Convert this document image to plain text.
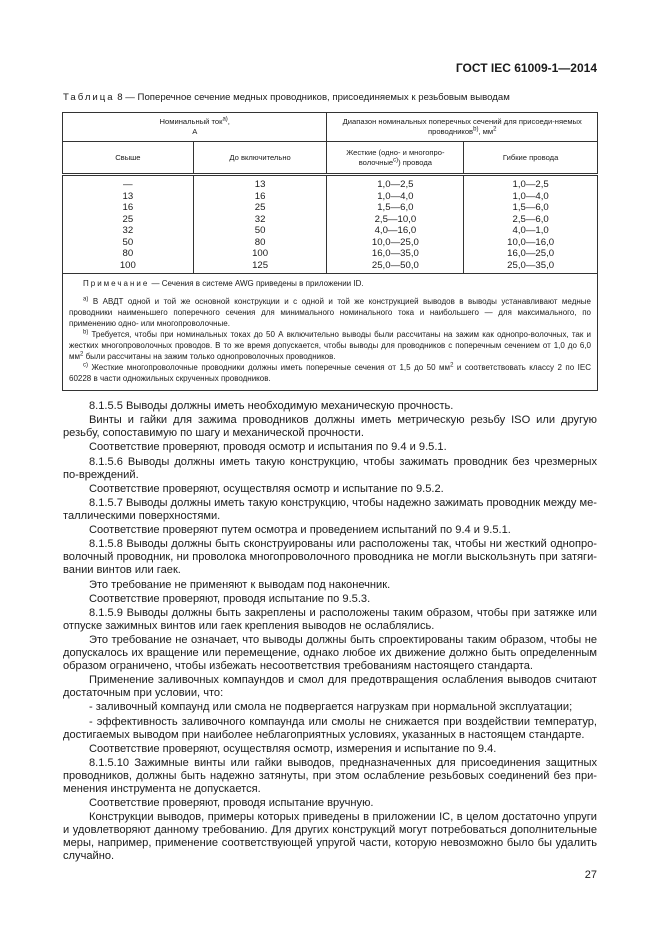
ГОСТ IEC 61009-1—2014
Таблица 8 — Поперечное сечение медных проводников, присоединяемых к резьбовым выводам
Номинальный ток$^{a)}$,
А		Диапазон номинальных поперечных сечений для присоеди-няемых проводников$^{b)}$, $мм^2$
Свыше	До включительно	Жесткие (одно- и многопро-волочные$^{c)}$) провода	Гибкие провода
—	13	1,0—2,5	1,0—2,5
13	16	1,0—4,0	1,0—4,0
16	25	1,5—6,0	1,5—6,0
25	32	2,5—10,0	2,5—6,0
32	50	4,0—16,0	4,0—1,0
50	80	10,0—25,0	10,0—16,0
80	100	16,0—35,0	16,0—25,0
100	125	25,0—50,0	25,0—35,0

Примечание — Сечения в системе AWG приведены в приложении ID.

$^{a)}$ В АВДТ одной и той же основной конструкции и с одной и той же конструкцией выводов в выводы устанавливают медные проводники наименьшего поперечного сечения для минимального номинального тока и наибольшего — для максимального, по применению одно- или многопроволочные.

$^{b)}$ Требуется, чтобы при номинальных токах до 50 А включительно выводы были рассчитаны на зажим как однопро-волочных, так и жестких многопроволочных проводов. В то же время допускается, чтобы выводы для проводников с поперечным сечением от 1,0 до 6,0 $мм^2$ были рассчитаны на зажим только однопроволочных проводников.

$^{c)}$ Жесткие многопроволочные проводники должны иметь поперечные сечения от 1,5 до 50 $мм^2$ и соответствовать классу 2 по IEC 60228 в части одножильных скрученных проводников.			

8.1.5.5 Выводы должны иметь необходимую механическую прочность.

Винты и гайки для зажима проводников должны иметь метрическую резьбу ISO или другую резьбу, сопоставимую по шагу и механической прочности.

Соответствие проверяют, проводя осмотр и испытания по 9.4 и 9.5.1.

8.1.5.6 Выводы должны иметь такую конструкцию, чтобы зажимать проводник без чрезмерных по-вреждений.

Соответствие проверяют, осуществляя осмотр и испытание по 9.5.2.

8.1.5.7 Выводы должны иметь такую конструкцию, чтобы надежно зажимать проводник между ме-таллическими поверхностями.

Соответствие проверяют путем осмотра и проведением испытаний по 9.4 и 9.5.1.

8.1.5.8 Выводы должны быть сконструированы или расположены так, чтобы ни жесткий однопро-волочный проводник, ни проволока многопроволочного проводника не могли выскользнуть при затяги-вании винтов или гаек.

Это требование не применяют к выводам под наконечник.

Соответствие проверяют, проводя испытание по 9.5.3.

8.1.5.9 Выводы должны быть закреплены и расположены таким образом, чтобы при затяжке или отпуске зажимных винтов или гаек крепления выводов не ослаблялись.

Это требование не означает, что выводы должны быть спроектированы таким образом, чтобы не допускалось их вращение или перемещение, однако любое их движение должно быть определенным образом ограничено, чтобы избежать несоответствия требованиям настоящего стандарта.

Применение заливочных компаундов и смол для предотвращения ослабления выводов считают достаточным при условии, что:

- заливочный компаунд или смола не подвергается нагрузкам при нормальной эксплуатации;

- эффективность заливочного компаунда или смолы не снижается при воздействии температур, достигаемых выводом при наиболее неблагоприятных условиях, указанных в настоящем стандарте.

Соответствие проверяют, осуществляя осмотр, измерения и испытание по 9.4.

8.1.5.10 Зажимные винты или гайки выводов, предназначенных для присоединения защитных проводников, должны быть надежно затянуты, при этом ослабление резьбовых соединений без при-менения инструмента не допускается.

Соответствие проверяют, проводя испытание вручную.

Конструкции выводов, примеры которых приведены в приложении IC, в целом достаточно упруги и удовлетворяют данному требованию. Для других конструкций могут потребоваться дополнительные меры, например, применение соответствующей упругой части, которую невозможно было бы удалить случайно.

27
